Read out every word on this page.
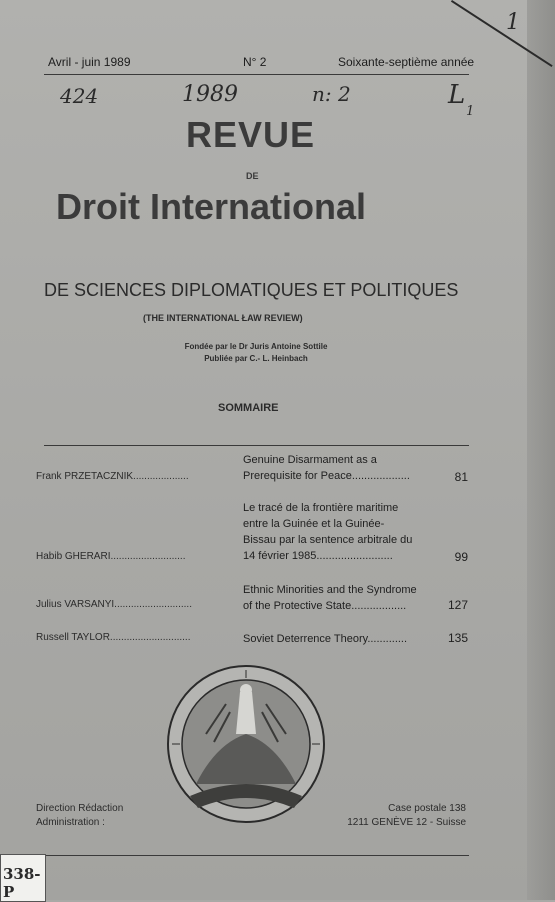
1
Avril - juin 1989	N° 2	Soixante-septième année
424	1989	n: 2	L
1
REVUE
DE
Droit International
DE SCIENCES DIPLOMATIQUES ET POLITIQUES
(THE INTERNATIONAL ŁAW REVIEW)
Fondée par le Dr Juris Antoine Sottile
Publiée par C.- L. Heinbach
SOMMAIRE
Frank PRZETACZNIK....................
Genuine Disarmament as a
Prerequisite for Peace...................	81
Habib GHERARI...........................
Le tracé de la frontière maritime
entre la Guinée et la Guinée-
Bissau par la sentence arbitrale du
14 février 1985.........................	99
Julius VARSANYI............................
Ethnic Minorities and the Syndrome
of the Protective State..................	127
Russell TAYLOR.............................	Soviet Deterrence Theory.............	135
Direction Rédaction
Administration :
Case postale 138
1211 GENÈVE 12 - Suisse
338-P
